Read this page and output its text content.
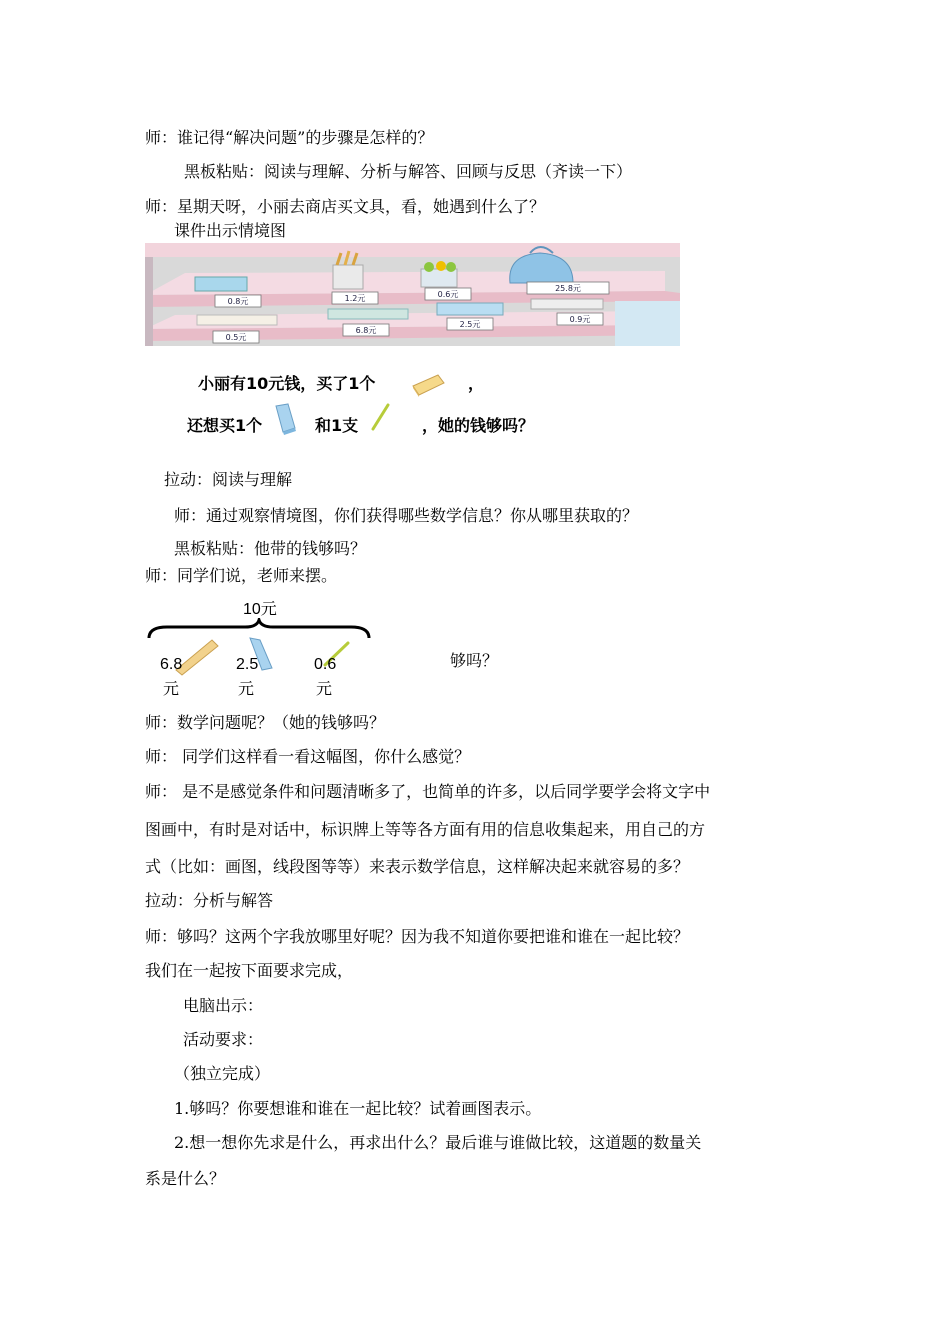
师：谁记得“解决问题”的步骤是怎样的？
黑板粘贴：阅读与理解、分析与解答、回顾与反思（齐读一下）
师：星期天呀，小丽去商店买文具，看，她遇到什么了？
课件出示情境图
0.8元	1.2元	0.6元
25.8元
0.5元
6.8元
2.5元
0.9元
小丽有10元钱，买了1个	，
还想买1个	和1支	，她的钱够吗？
拉动：阅读与理解
师：通过观察情境图，你们获得哪些数学信息？你从哪里获取的？
黑板粘贴：他带的钱够吗？
师：同学们说，老师来摆。
10元
6.8
元
2.5
元
0.6
元
够吗？
师：数学问题呢？（她的钱够吗？
师： 同学们这样看一看这幅图，你什么感觉？
师： 是不是感觉条件和问题清晰多了，也简单的许多，以后同学要学会将文字中
图画中，有时是对话中，标识牌上等等各方面有用的信息收集起来，用自己的方
式（比如：画图，线段图等等）来表示数学信息，这样解决起来就容易的多？
拉动：分析与解答
师：够吗？这两个字我放哪里好呢？因为我不知道你要把谁和谁在一起比较？
我们在一起按下面要求完成，
电脑出示：
活动要求：
（独立完成）
1.够吗？你要想谁和谁在一起比较？试着画图表示。
2.想一想你先求是什么，再求出什么？最后谁与谁做比较，这道题的数量关
系是什么？
